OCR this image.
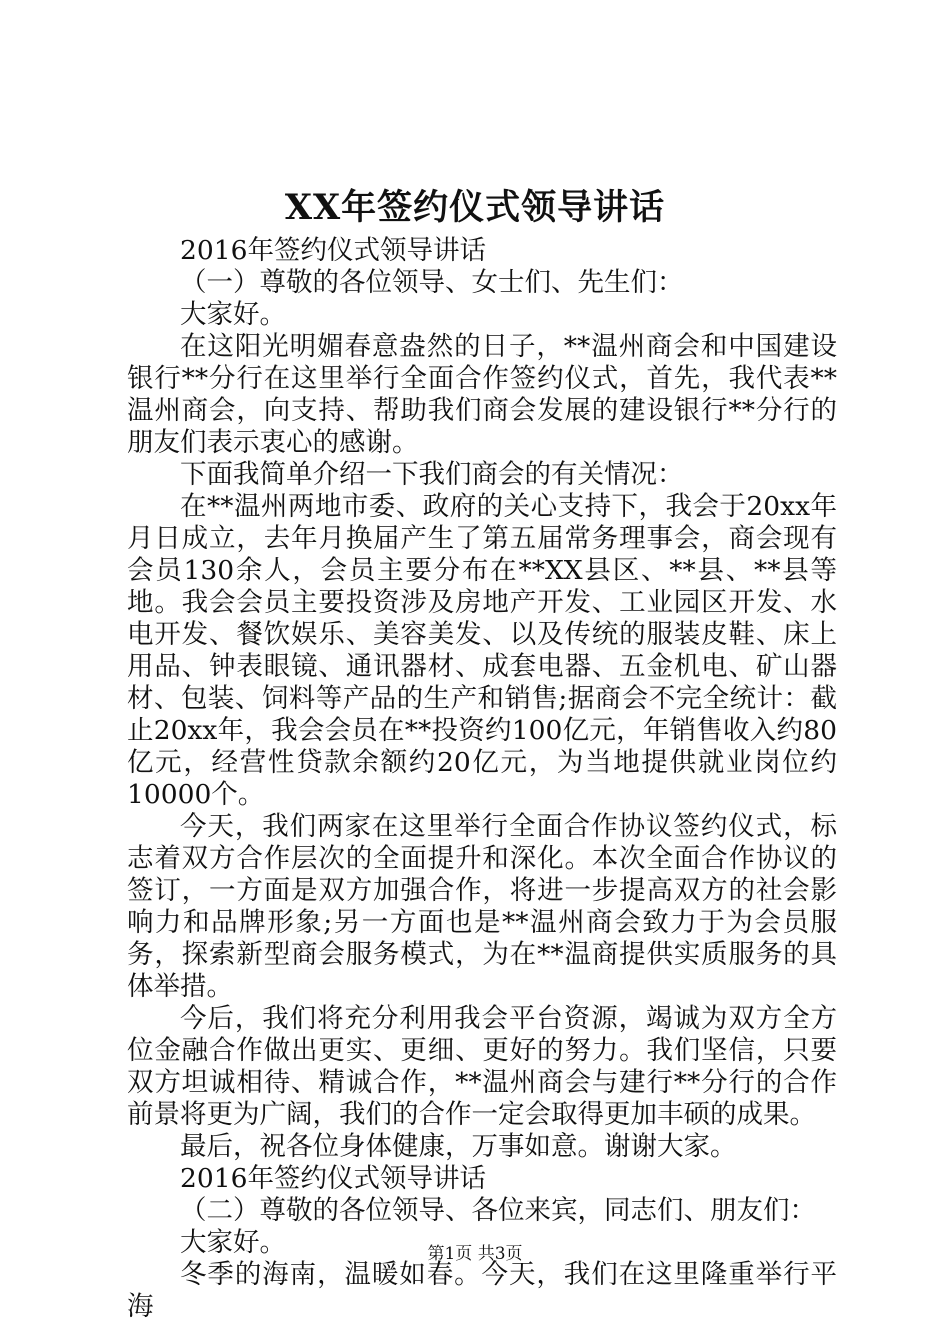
XX年签约仪式领导讲话

2016年签约仪式领导讲话

（一）尊敬的各位领导、女士们、先生们：

大家好。

在这阳光明媚春意盎然的日子，**温州商会和中国建设银行**分行在这里举行全面合作签约仪式，首先，我代表**温州商会，向支持、帮助我们商会发展的建设银行**分行的朋友们表示衷心的感谢。

下面我简单介绍一下我们商会的有关情况：

在**温州两地市委、政府的关心支持下，我会于20xx年月日成立，去年月换届产生了第五届常务理事会，商会现有会员130余人，会员主要分布在**XX县区、**县、**县等地。我会会员主要投资涉及房地产开发、工业园区开发、水电开发、餐饮娱乐、美容美发、以及传统的服装皮鞋、床上用品、钟表眼镜、通讯器材、成套电器、五金机电、矿山器材、包装、饲料等产品的生产和销售;据商会不完全统计：截止20xx年，我会会员在**投资约100亿元，年销售收入约80亿元，经营性贷款余额约20亿元，为当地提供就业岗位约10000个。

今天，我们两家在这里举行全面合作协议签约仪式，标志着双方合作层次的全面提升和深化。本次全面合作协议的签订，一方面是双方加强合作，将进一步提高双方的社会影响力和品牌形象;另一方面也是**温州商会致力于为会员服务，探索新型商会服务模式，为在**温商提供实质服务的具体举措。

今后，我们将充分利用我会平台资源，竭诚为双方全方位金融合作做出更实、更细、更好的努力。我们坚信，只要双方坦诚相待、精诚合作，**温州商会与建行**分行的合作前景将更为广阔，我们的合作一定会取得更加丰硕的成果。

最后，祝各位身体健康，万事如意。谢谢大家。

2016年签约仪式领导讲话

（二）尊敬的各位领导、各位来宾，同志们、朋友们：

大家好。

冬季的海南，温暖如春。今天，我们在这里隆重举行平海

第1页 共3页
